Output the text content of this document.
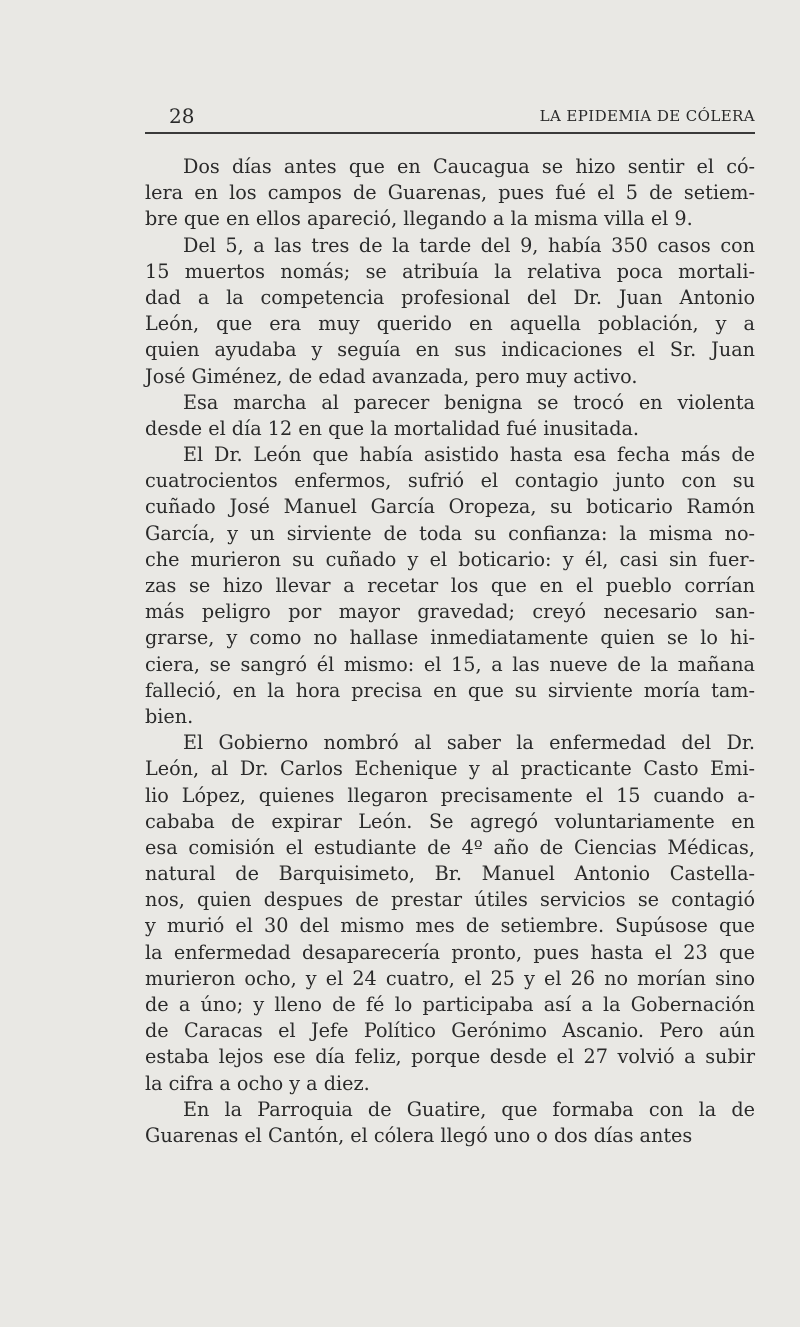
28	LA EPIDEMIA DE CÓLERA
Dos días antes que en Caucagua se hizo sentir el có-
lera en los campos de Guarenas, pues fué el 5 de setiem-
bre que en ellos apareció, llegando a la misma villa el 9.
Del 5, a las tres de la tarde del 9, había 350 casos con
15 muertos nomás; se atribuía la relativa poca mortali-
dad a la competencia profesional del Dr. Juan Antonio
León, que era muy querido en aquella población, y a
quien ayudaba y seguía en sus indicaciones el Sr. Juan
José Giménez, de edad avanzada, pero muy activo.
Esa marcha al parecer benigna se trocó en violenta
desde el día 12 en que la mortalidad fué inusitada.
El Dr. León que había asistido hasta esa fecha más de
cuatrocientos enfermos, sufrió el contagio junto con su
cuñado José Manuel García Oropeza, su boticario Ramón
García, y un sirviente de toda su confianza: la misma no-
che murieron su cuñado y el boticario: y él, casi sin fuer-
zas se hizo llevar a recetar los que en el pueblo corrían
más peligro por mayor gravedad; creyó necesario san-
grarse, y como no hallase inmediatamente quien se lo hi-
ciera, se sangró él mismo: el 15, a las nueve de la mañana
falleció, en la hora precisa en que su sirviente moría tam-
bien.
El Gobierno nombró al saber la enfermedad del Dr.
León, al Dr. Carlos Echenique y al practicante Casto Emi-
lio López, quienes llegaron precisamente el 15 cuando a-
cababa de expirar León. Se agregó voluntariamente en
esa comisión el estudiante de 4º año de Ciencias Médicas,
natural de Barquisimeto, Br. Manuel Antonio Castella-
nos, quien despues de prestar útiles servicios se contagió
y murió el 30 del mismo mes de setiembre. Supúsose que
la enfermedad desaparecería pronto, pues hasta el 23 que
murieron ocho, y el 24 cuatro, el 25 y el 26 no morían sino
de a úno; y lleno de fé lo participaba así a la Gobernación
de Caracas el Jefe Político Gerónimo Ascanio. Pero aún
estaba lejos ese día feliz, porque desde el 27 volvió a subir
la cifra a ocho y a diez.
En la Parroquia de Guatire, que formaba con la de
Guarenas el Cantón, el cólera llegó uno o dos días antes
